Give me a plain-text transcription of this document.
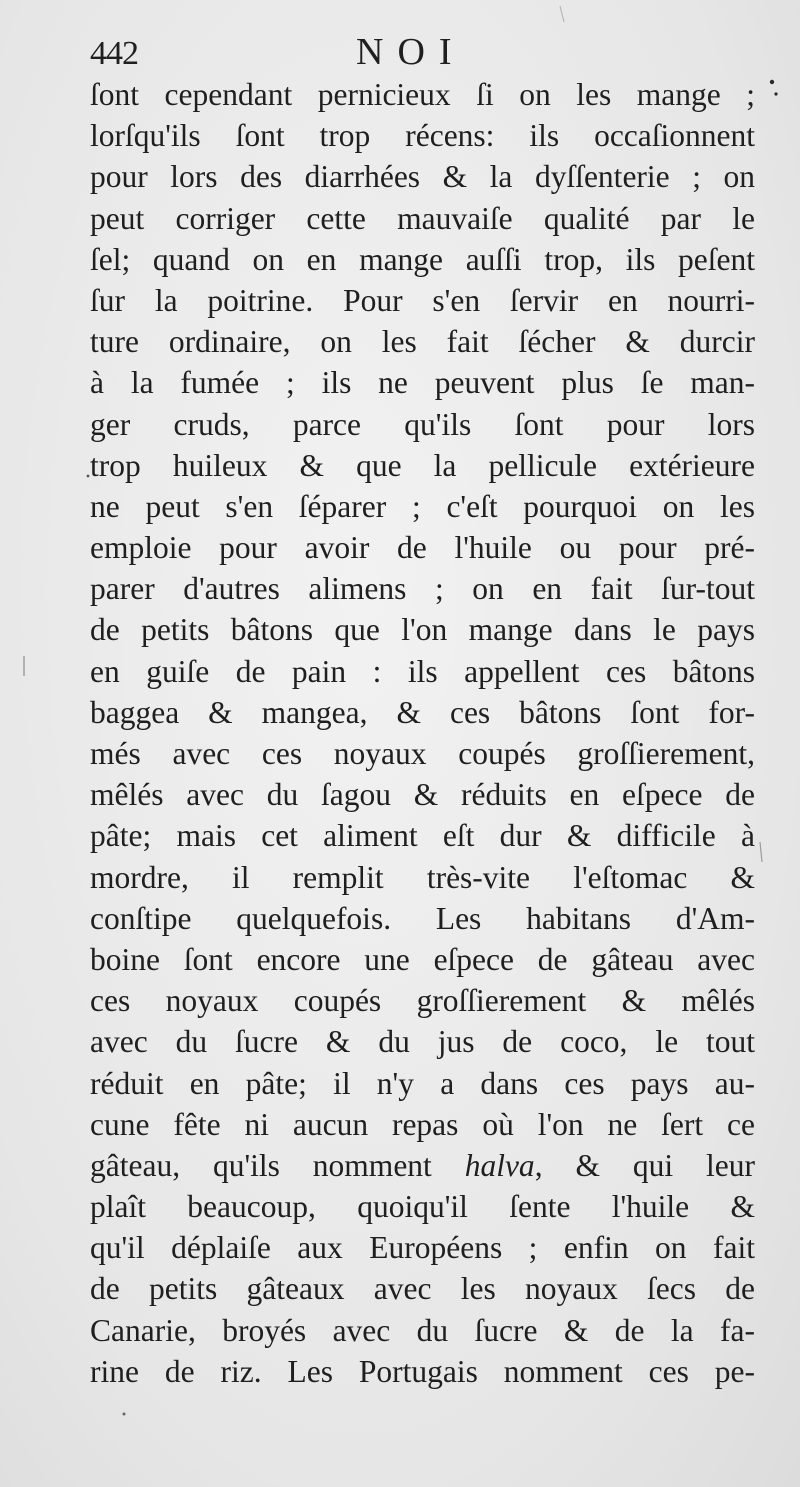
442	NOI
ſont cependant pernicieux ſi on les mange ;
lorſqu'ils ſont trop récens: ils occaſionnent
pour lors des diarrhées & la dyſſenterie ; on
peut corriger cette mauvaiſe qualité par le
ſel; quand on en mange auſſi trop, ils peſent
ſur la poitrine. Pour s'en ſervir en nourri-
ture ordinaire, on les fait ſécher & durcir
à la fumée ; ils ne peuvent plus ſe man-
ger cruds, parce qu'ils ſont pour lors
trop huileux & que la pellicule extérieure
ne peut s'en ſéparer ; c'eſt pourquoi on les
emploie pour avoir de l'huile ou pour pré-
parer d'autres alimens ; on en fait ſur-tout
de petits bâtons que l'on mange dans le pays
en guiſe de pain : ils appellent ces bâtons
baggea & mangea, & ces bâtons ſont for-
més avec ces noyaux coupés groſſierement,
mêlés avec du ſagou & réduits en eſpece de
pâte; mais cet aliment eſt dur & difficile à
mordre, il remplit très-vite l'eſtomac &
conſtipe quelquefois. Les habitans d'Am-
boine ſont encore une eſpece de gâteau avec
ces noyaux coupés groſſierement & mêlés
avec du ſucre & du jus de coco, le tout
réduit en pâte; il n'y a dans ces pays au-
cune fête ni aucun repas où l'on ne ſert ce
gâteau, qu'ils nomment halva, & qui leur
plaît beaucoup, quoiqu'il ſente l'huile &
qu'il déplaiſe aux Européens ; enfin on fait
de petits gâteaux avec les noyaux ſecs de
Canarie, broyés avec du ſucre & de la fa-
rine de riz. Les Portugais nomment ces pe-
